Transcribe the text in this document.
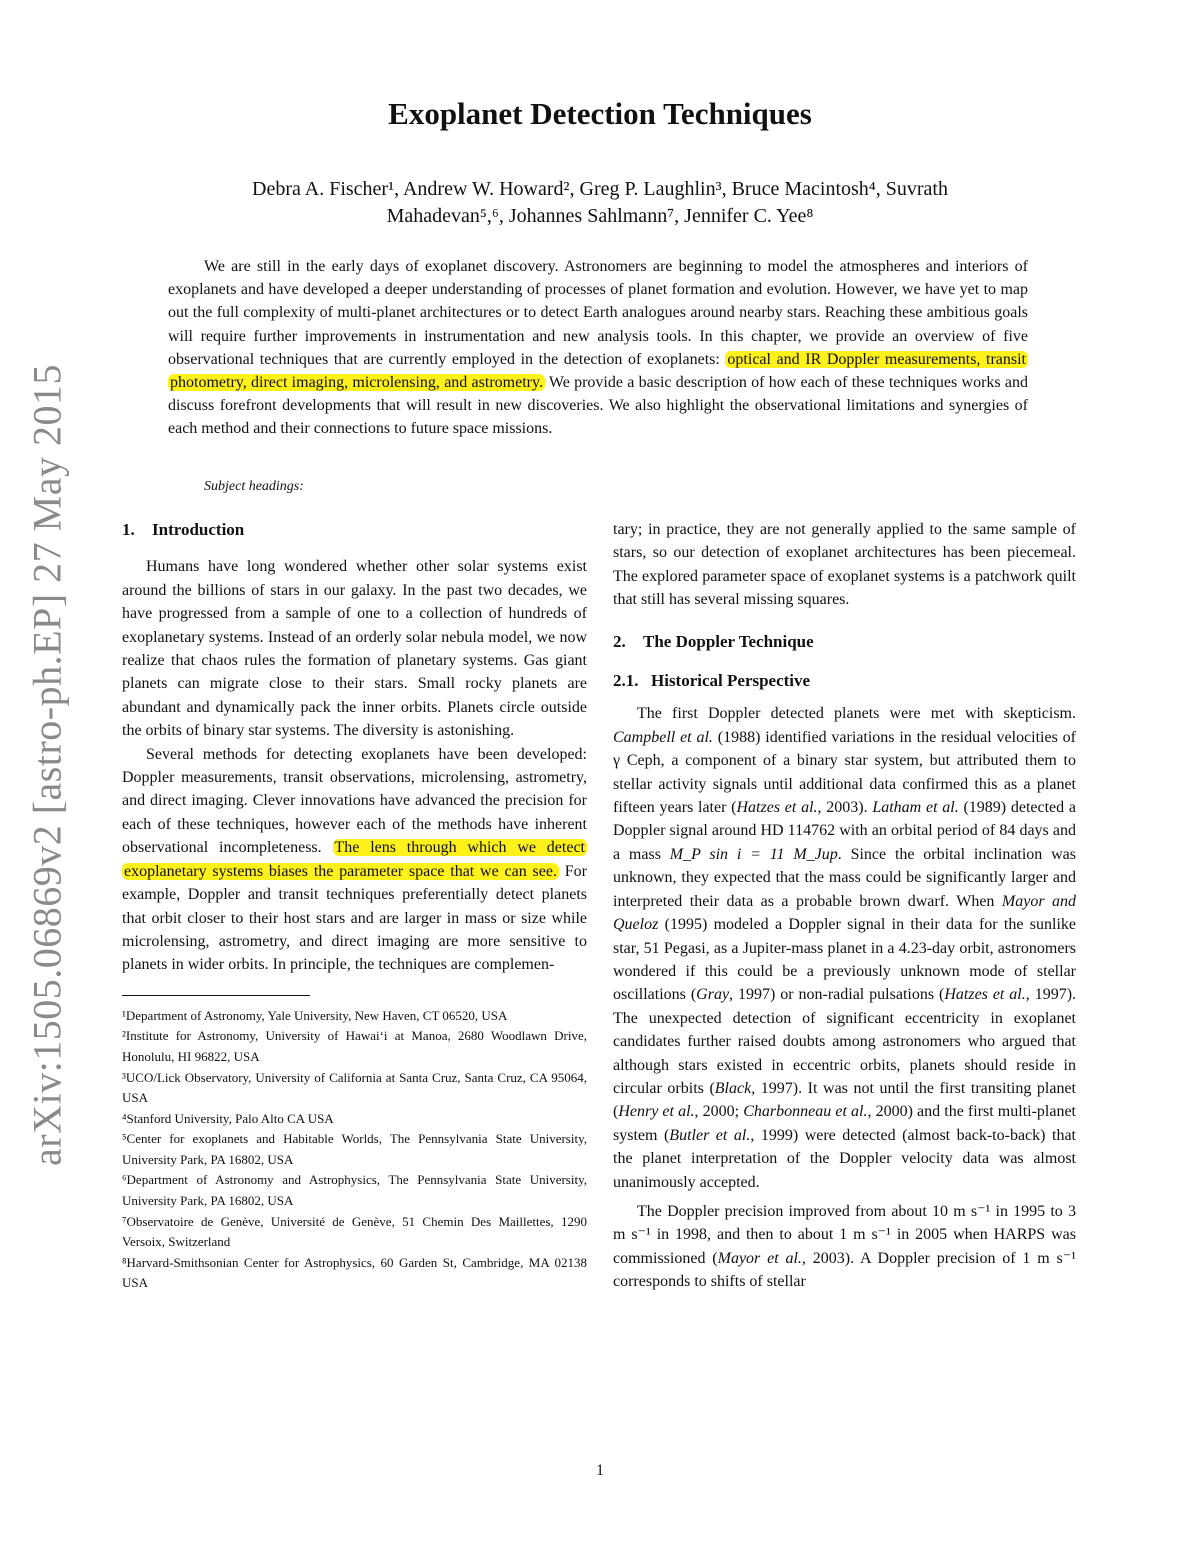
arXiv:1505.06869v2 [astro-ph.EP] 27 May 2015
Exoplanet Detection Techniques
Debra A. Fischer¹, Andrew W. Howard², Greg P. Laughlin³, Bruce Macintosh⁴, Suvrath
Mahadevan⁵,⁶, Johannes Sahlmann⁷, Jennifer C. Yee⁸
We are still in the early days of exoplanet discovery. Astronomers are beginning to model the atmospheres and interiors of exoplanets and have developed a deeper understanding of processes of planet formation and evolution. However, we have yet to map out the full complexity of multi-planet architectures or to detect Earth analogues around nearby stars. Reaching these ambitious goals will require further improvements in instrumentation and new analysis tools. In this chapter, we provide an overview of five observational techniques that are currently employed in the detection of exoplanets: optical and IR Doppler measurements, transit photometry, direct imaging, microlensing, and astrometry. We provide a basic description of how each of these techniques works and discuss forefront developments that will result in new discoveries. We also highlight the observational limitations and synergies of each method and their connections to future space missions.
Subject headings:
1. Introduction

Humans have long wondered whether other solar systems exist around the billions of stars in our galaxy. In the past two decades, we have progressed from a sample of one to a collection of hundreds of exoplanetary systems. Instead of an orderly solar nebula model, we now realize that chaos rules the formation of planetary systems. Gas giant planets can migrate close to their stars. Small rocky planets are abundant and dynamically pack the inner orbits. Planets circle outside the orbits of binary star systems. The diversity is astonishing.

Several methods for detecting exoplanets have been developed: Doppler measurements, transit observations, microlensing, astrometry, and direct imaging. Clever innovations have advanced the precision for each of these techniques, however each of the methods have inherent observational incompleteness. The lens through which we detect exoplanetary systems biases the parameter space that we can see. For example, Doppler and transit techniques preferentially detect planets that orbit closer to their host stars and are larger in mass or size while microlensing, astrometry, and direct imaging are more sensitive to planets in wider orbits. In principle, the techniques are complemen-

¹Department of Astronomy, Yale University, New Haven, CT 06520, USA

²Institute for Astronomy, University of Hawai‘i at Manoa, 2680 Woodlawn Drive, Honolulu, HI 96822, USA

³UCO/Lick Observatory, University of California at Santa Cruz, Santa Cruz, CA 95064, USA

⁴Stanford University, Palo Alto CA USA

⁵Center for exoplanets and Habitable Worlds, The Pennsylvania State University, University Park, PA 16802, USA

⁶Department of Astronomy and Astrophysics, The Pennsylvania State University, University Park, PA 16802, USA

⁷Observatoire de Genève, Université de Genève, 51 Chemin Des Maillettes, 1290 Versoix, Switzerland

⁸Harvard-Smithsonian Center for Astrophysics, 60 Garden St, Cambridge, MA 02138 USA

tary; in practice, they are not generally applied to the same sample of stars, so our detection of exoplanet architectures has been piecemeal. The explored parameter space of exoplanet systems is a patchwork quilt that still has several missing squares.

2. The Doppler Technique
2.1. Historical Perspective

The first Doppler detected planets were met with skepticism. Campbell et al. (1988) identified variations in the residual velocities of γ Ceph, a component of a binary star system, but attributed them to stellar activity signals until additional data confirmed this as a planet fifteen years later (Hatzes et al., 2003). Latham et al. (1989) detected a Doppler signal around HD 114762 with an orbital period of 84 days and a mass M_P sin i = 11 M_Jup. Since the orbital inclination was unknown, they expected that the mass could be significantly larger and interpreted their data as a probable brown dwarf. When Mayor and Queloz (1995) modeled a Doppler signal in their data for the sunlike star, 51 Pegasi, as a Jupiter-mass planet in a 4.23-day orbit, astronomers wondered if this could be a previously unknown mode of stellar oscillations (Gray, 1997) or non-radial pulsations (Hatzes et al., 1997). The unexpected detection of significant eccentricity in exoplanet candidates further raised doubts among astronomers who argued that although stars existed in eccentric orbits, planets should reside in circular orbits (Black, 1997). It was not until the first transiting planet (Henry et al., 2000; Charbonneau et al., 2000) and the first multi-planet system (Butler et al., 1999) were detected (almost back-to-back) that the planet interpretation of the Doppler velocity data was almost unanimously accepted.

The Doppler precision improved from about 10 m s⁻¹ in 1995 to 3 m s⁻¹ in 1998, and then to about 1 m s⁻¹ in 2005 when HARPS was commissioned (Mayor et al., 2003). A Doppler precision of 1 m s⁻¹ corresponds to shifts of stellar

1
